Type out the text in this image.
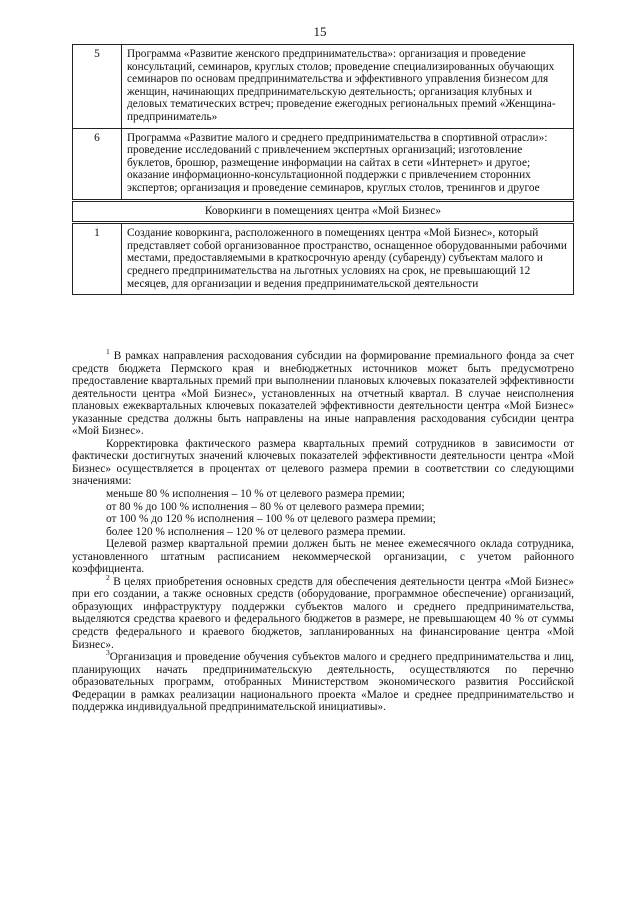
15
5	Программа «Развитие женского предпринимательства»: организация и проведение консультаций, семинаров, круглых столов; проведение специализированных обучающих семинаров по основам предпринимательства и эффективного управления бизнесом для женщин, начинающих предпринимательскую деятельность; организация клубных и деловых тематических встреч; проведение ежегодных региональных премий «Женщина-предприниматель»
6	Программа «Развитие малого и среднего предпринимательства в спортивной отрасли»: проведение исследований с привлечением экспертных организаций; изготовление буклетов, брошюр, размещение информации на сайтах в сети «Интернет» и другое; оказание информационно-консультационной поддержки с привлечением сторонних экспертов; организация и проведение семинаров, круглых столов, тренингов и другое
Коворкинги в помещениях центра «Мой Бизнес»	
1	Создание коворкинга, расположенного в помещениях центра «Мой Бизнес», который представляет собой организованное пространство, оснащенное оборудованными рабочими местами, предоставляемыми в краткосрочную аренду (субаренду) субъектам малого и среднего предпринимательства на льготных условиях на срок, не превышающий 12 месяцев, для организации и ведения предпринимательской деятельности

$^1$ В рамках направления расходования субсидии на формирование премиального фонда за счет средств бюджета Пермского края и внебюджетных источников может быть предусмотрено предоставление квартальных премий при выполнении плановых ключевых показателей эффективности деятельности центра «Мой Бизнес», установленных на отчетный квартал. В случае неисполнения плановых ежеквартальных ключевых показателей эффективности деятельности центра «Мой Бизнес» указанные средства должны быть направлены на иные направления расходования субсидии центра «Мой Бизнес».

Корректировка фактического размера квартальных премий сотрудников в зависимости от фактически достигнутых значений ключевых показателей эффективности деятельности центра «Мой Бизнес» осуществляется в процентах от целевого размера премии в соответствии со следующими значениями:

меньше 80 % исполнения – 10 % от целевого размера премии;

от 80 % до 100 % исполнения – 80 % от целевого размера премии;

от 100 % до 120 % исполнения – 100 % от целевого размера премии;

более 120 % исполнения – 120 % от целевого размера премии.

Целевой размер квартальной премии должен быть не менее ежемесячного оклада сотрудника, установленного штатным расписанием некоммерческой организации, с учетом районного коэффициента.

$^2$ В целях приобретения основных средств для обеспечения деятельности центра «Мой Бизнес» при его создании, а также основных средств (оборудование, программное обеспечение) организаций, образующих инфраструктуру поддержки субъектов малого и среднего предпринимательства, выделяются средства краевого и федерального бюджетов в размере, не превышающем 40 % от суммы средств федерального и краевого бюджетов, запланированных на финансирование центра «Мой Бизнес».

$^3$Организация и проведение обучения субъектов малого и среднего предпринимательства и лиц, планирующих начать предпринимательскую деятельность, осуществляются по перечню образовательных программ, отобранных Министерством экономического развития Российской Федерации в рамках реализации национального проекта «Малое и среднее предпринимательство и поддержка индивидуальной предпринимательской инициативы».
